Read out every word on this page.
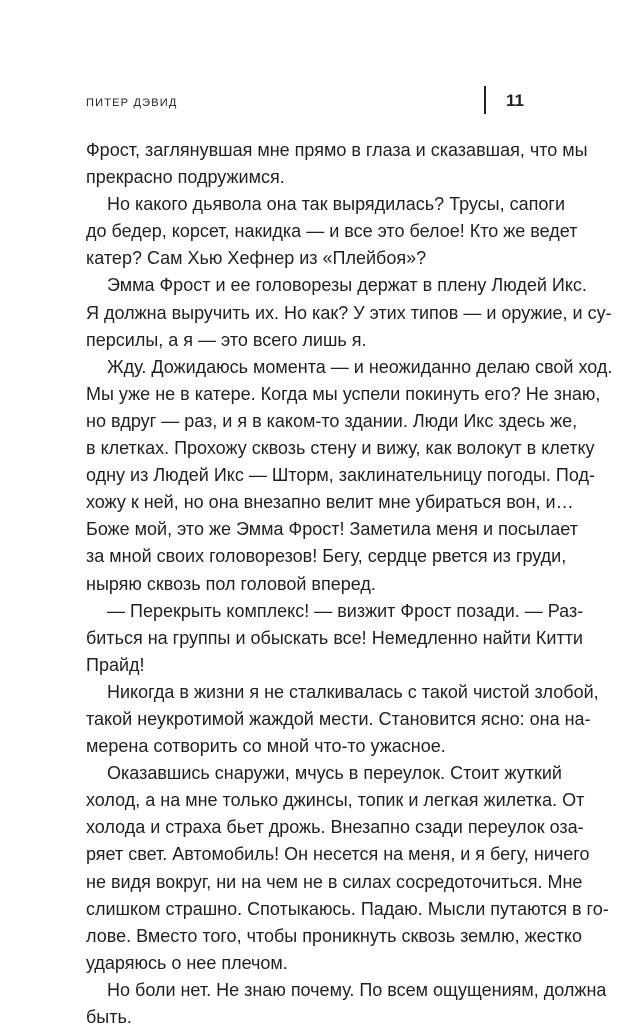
ПИТЕР ДЭВИД	11
Фрост, заглянувшая мне прямо в глаза и сказавшая, что мы
прекрасно подружимся.
Но какого дьявола она так вырядилась? Трусы, сапоги
до бедер, корсет, накидка — и все это белое! Кто же ведет
катер? Сам Хью Хефнер из «Плейбоя»?
Эмма Фрост и ее головорезы держат в плену Людей Икс.
Я должна выручить их. Но как? У этих типов — и оружие, и су-
персилы, а я — это всего лишь я.
Жду. Дожидаюсь момента — и неожиданно делаю свой ход.
Мы уже не в катере. Когда мы успели покинуть его? Не знаю,
но вдруг — раз, и я в каком-то здании. Люди Икс здесь же,
в клетках. Прохожу сквозь стену и вижу, как волокут в клетку
одну из Людей Икс — Шторм, заклинательницу погоды. Под-
хожу к ней, но она внезапно велит мне убираться вон, и…
Боже мой, это же Эмма Фрост! Заметила меня и посылает
за мной своих головорезов! Бегу, сердце рвется из груди,
ныряю сквозь пол головой вперед.
— Перекрыть комплекс! — визжит Фрост позади. — Раз-
биться на группы и обыскать все! Немедленно найти Китти
Прайд!
Никогда в жизни я не сталкивалась с такой чистой злобой,
такой неукротимой жаждой мести. Становится ясно: она на-
мерена сотворить со мной что-то ужасное.
Оказавшись снаружи, мчусь в переулок. Стоит жуткий
холод, а на мне только джинсы, топик и легкая жилетка. От
холода и страха бьет дрожь. Внезапно сзади переулок оза-
ряет свет. Автомобиль! Он несется на меня, и я бегу, ничего
не видя вокруг, ни на чем не в силах сосредоточиться. Мне
слишком страшно. Спотыкаюсь. Падаю. Мысли путаются в го-
лове. Вместо того, чтобы проникнуть сквозь землю, жестко
ударяюсь о нее плечом.
Но боли нет. Не знаю почему. По всем ощущениям, должна
быть.
